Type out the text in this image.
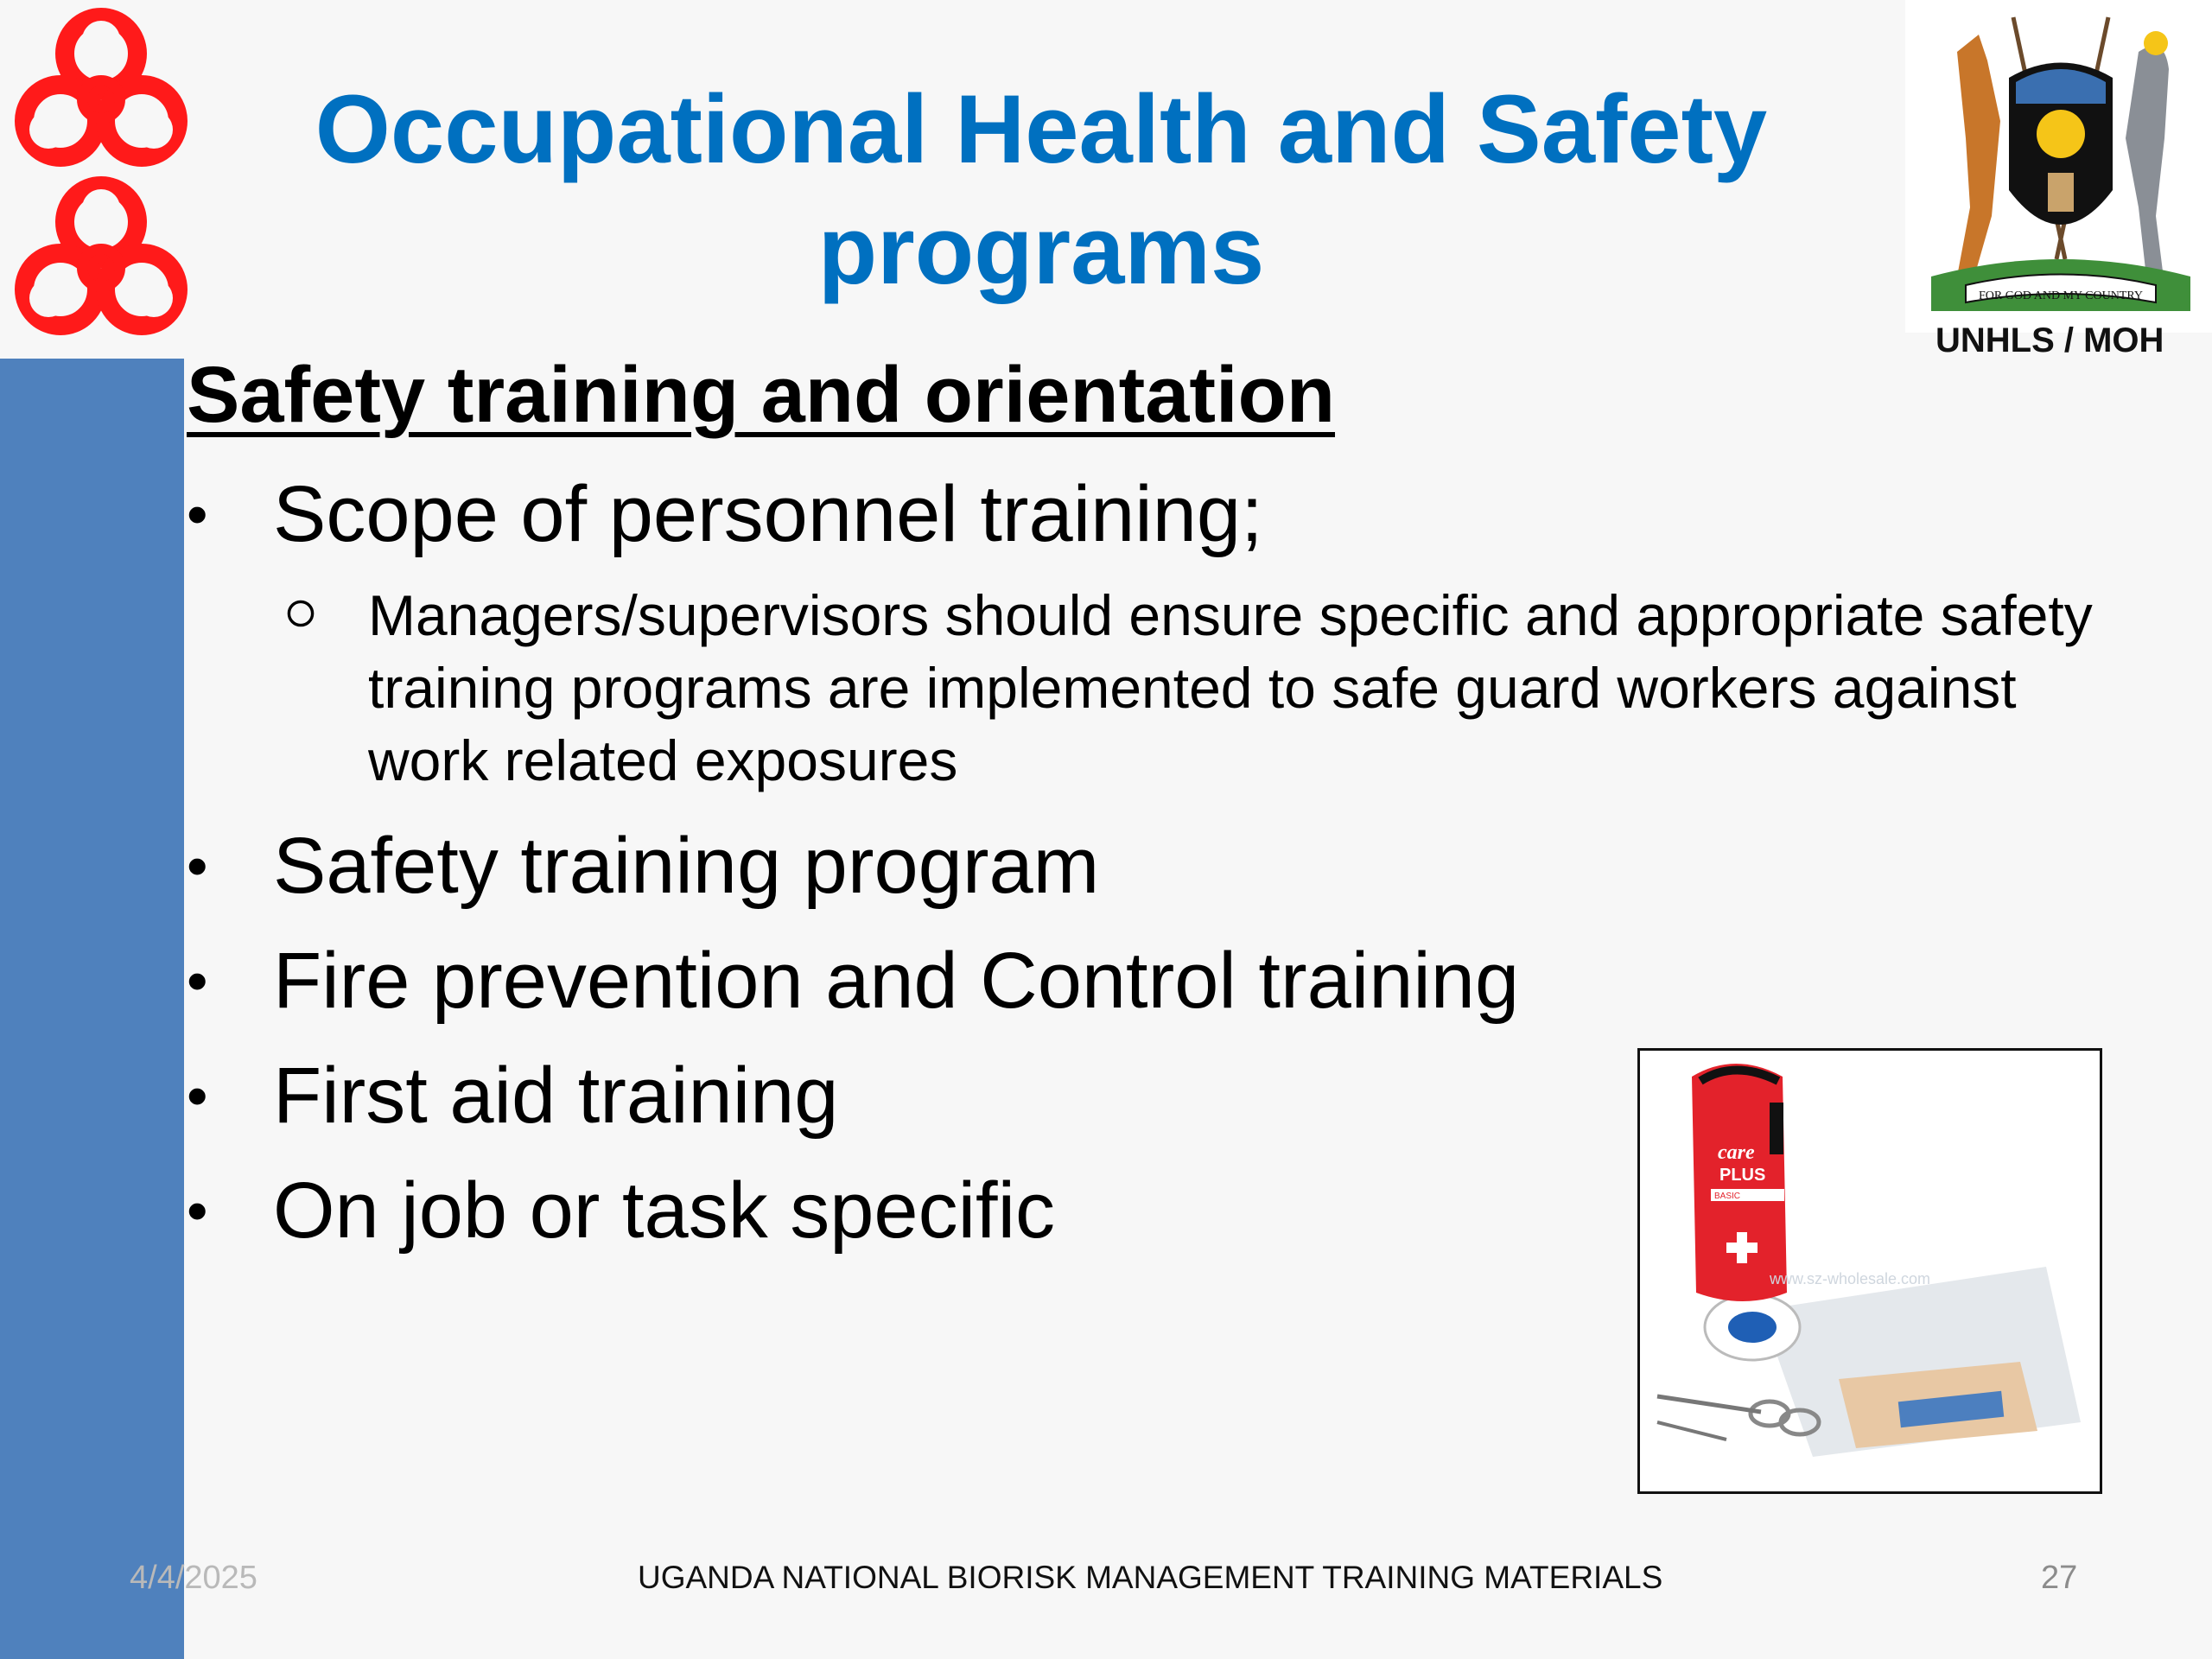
Occupational Health and Safety
programs	FOR GOD AND MY COUNTRY
UNHLS / MOH
Safety training and orientation
• Scope of personnel training;
Managers/supervisors should ensure specific and appropriate safety training programs are implemented to safe guard workers against work related exposures
• Safety training program
• Fire prevention and Control training
• First aid training
• On job or task specific
care
PLUS
BASIC
www.sz-wholesale.com
4/4/2025	UGANDA NATIONAL BIORISK MANAGEMENT TRAINING MATERIALS	27
